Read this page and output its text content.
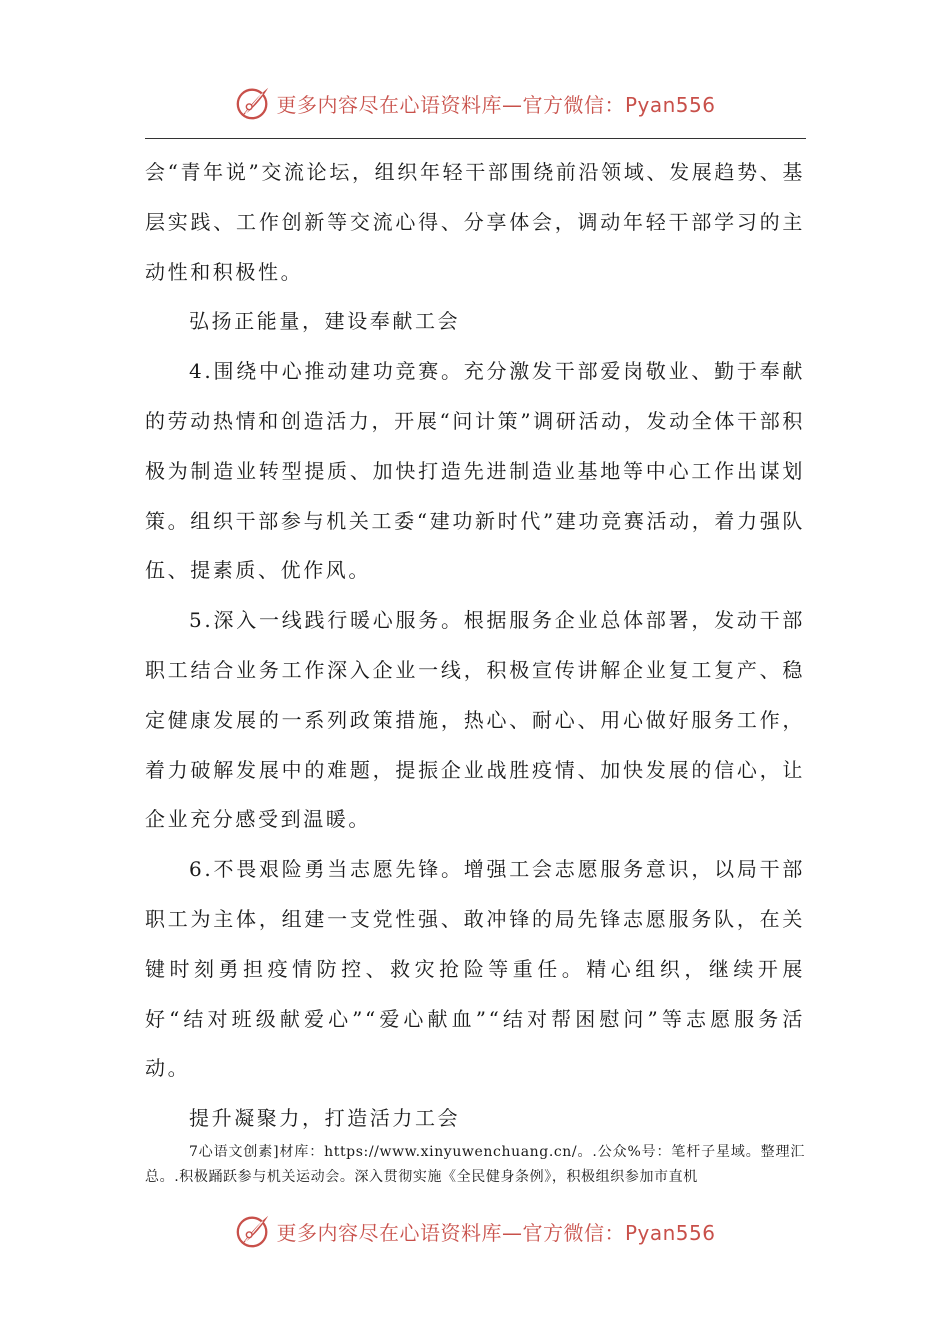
更多内容尽在心语资料库—官方微信：Pyan556

会“青年说”交流论坛，组织年轻干部围绕前沿领域、发展趋势、基层实践、工作创新等交流心得、分享体会，调动年轻干部学习的主动性和积极性。

弘扬正能量，建设奉献工会

4.围绕中心推动建功竞赛。充分激发干部爱岗敬业、勤于奉献的劳动热情和创造活力，开展“问计策”调研活动，发动全体干部积极为制造业转型提质、加快打造先进制造业基地等中心工作出谋划策。组织干部参与机关工委“建功新时代”建功竞赛活动，着力强队伍、提素质、优作风。

5.深入一线践行暖心服务。根据服务企业总体部署，发动干部职工结合业务工作深入企业一线，积极宣传讲解企业复工复产、稳定健康发展的一系列政策措施，热心、耐心、用心做好服务工作，着力破解发展中的难题，提振企业战胜疫情、加快发展的信心，让企业充分感受到温暖。

6.不畏艰险勇当志愿先锋。增强工会志愿服务意识，以局干部职工为主体，组建一支党性强、敢冲锋的局先锋志愿服务队，在关键时刻勇担疫情防控、救灾抢险等重任。精心组织，继续开展好“结对班级献爱心”“爱心献血”“结对帮困慰问”等志愿服务活动。

提升凝聚力，打造活力工会

7心语文创素]材库：https://www.xinyuwenchuang.cn/。.公众%号：笔杆子星域。整理汇总。.积极踊跃参与机关运动会。深入贯彻实施《全民健身条例》，积极组织参加市直机

更多内容尽在心语资料库—官方微信：Pyan556
